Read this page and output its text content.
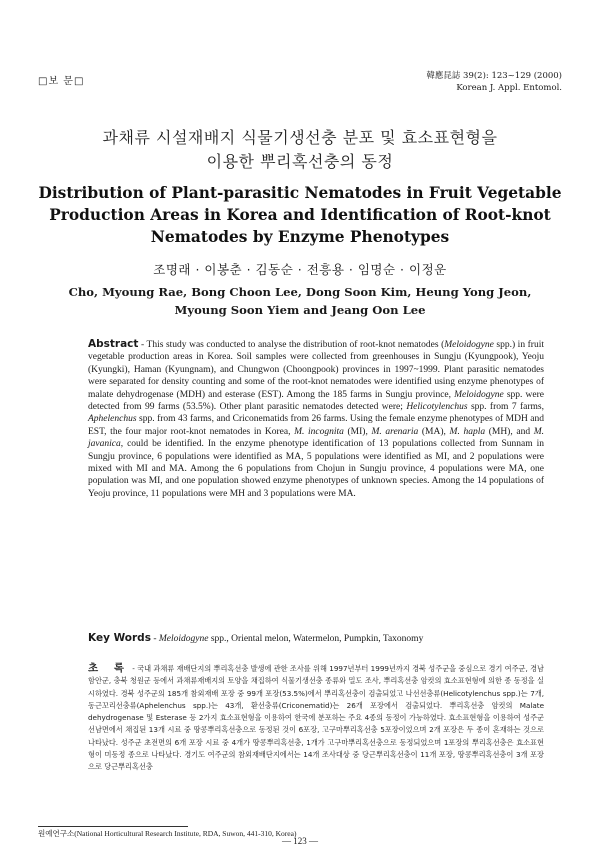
□보 문□	韓應昆誌 39(2): 123~129 (2000)
Korean J. Appl. Entomol.
과채류 시설재배지 식물기생선충 분포 및 효소표현형을
이용한 뿌리혹선충의 동정
Distribution of Plant-parasitic Nematodes in Fruit Vegetable
Production Areas in Korea and Identification of Root-knot
Nematodes by Enzyme Phenotypes
조명래 · 이봉춘 · 김동순 · 전흥용 · 임명순 · 이정운
Cho, Myoung Rae, Bong Choon Lee, Dong Soon Kim, Heung Yong Jeon,
Myoung Soon Yiem and Jeang Oon Lee
Abstract - This study was conducted to analyse the distribution of root-knot nematodes (Meloidogyne spp.) in fruit vegetable production areas in Korea. Soil samples were collected from greenhouses in Sungju (Kyungpook), Yeoju (Kyungki), Haman (Kyungnam), and Chungwon (Choongpook) provinces in 1997~1999. Plant parasitic nematodes were separated for density counting and some of the root-knot nematodes were identified using enzyme phenotypes of malate dehydrogenase (MDH) and esterase (EST). Among the 185 farms in Sungju province, Meloidogyne spp. were detected from 99 farms (53.5%). Other plant parasitic nematodes detected were; Helicotylenchus spp. from 7 farms, Aphelenchus spp. from 43 farms, and Criconematids from 26 farms. Using the female enzyme phenotypes of MDH and EST, the four major root-knot nematodes in Korea, M. incognita (MI), M. arenaria (MA), M. hapla (MH), and M. javanica, could be identified. In the enzyme phenotype identification of 13 populations collected from Sunnam in Sungju province, 6 populations were identified as MA, 5 populations were identified as MI, and 2 populations were mixed with MI and MA. Among the 6 populations from Chojun in Sungju province, 4 populations were MA, one population was MI, and one population showed enzyme phenotypes of unknown species. Among the 14 populations of Yeoju province, 11 populations were MH and 3 populations were MA.
Key Words - Meloidogyne spp., Oriental melon, Watermelon, Pumpkin, Taxonomy
초 록 - 국내 과채류 재배단지의 뿌리혹선충 발생에 관한 조사를 위해 1997년부터 1999년까지 경북 성주군을 중심으로 경기 여주군, 경남 함안군, 충북 청원군 등에서 과채류재배지의 토양을 채집하여 식물기생선충 종류와 밀도 조사, 뿌리혹선충 암컷의 효소표현형에 의한 종 동정을 실시하였다. 경북 성주군의 185개 참외재배 포장 중 99개 포장(53.5%)에서 뿌리혹선충이 검출되었고 나선선충류(Helicotylenchus spp.)는 7개, 동근꼬리선충류(Aphelenchus spp.)는 43개, 환선충류(Criconematid)는 26개 포장에서 검출되었다. 뿌리혹선충 암컷의 Malate dehydrogenase 및 Esterase 등 2가지 효소표현형을 이용하여 한국에 분포하는 주요 4종의 동정이 가능하였다. 효소표현형을 이용하여 성주군 선남면에서 채집된 13개 시료 중 땅콩뿌리혹선충으로 동정된 것이 6포장, 고구마뿌리혹선충 5포장이었으며 2개 포장은 두 종이 혼재하는 것으로 나타났다. 성주군 초전면의 6개 포장 시료 중 4개가 땅콩뿌리혹선충, 1개가 고구마뿌리혹선충으로 동정되었으며 1포장의 뿌리혹선충은 효소표현형이 미동정 종으로 나타났다. 경기도 여주군의 참외재배단지에서는 14개 조사대상 중 당근뿌리혹선충이 11개 포장, 땅콩뿌리혹선충이 3개 포장으로 당근뿌리혹선충
원예연구소(National Horticultural Research Institute, RDA, Suwon, 441-310, Korea)
— 123 —
